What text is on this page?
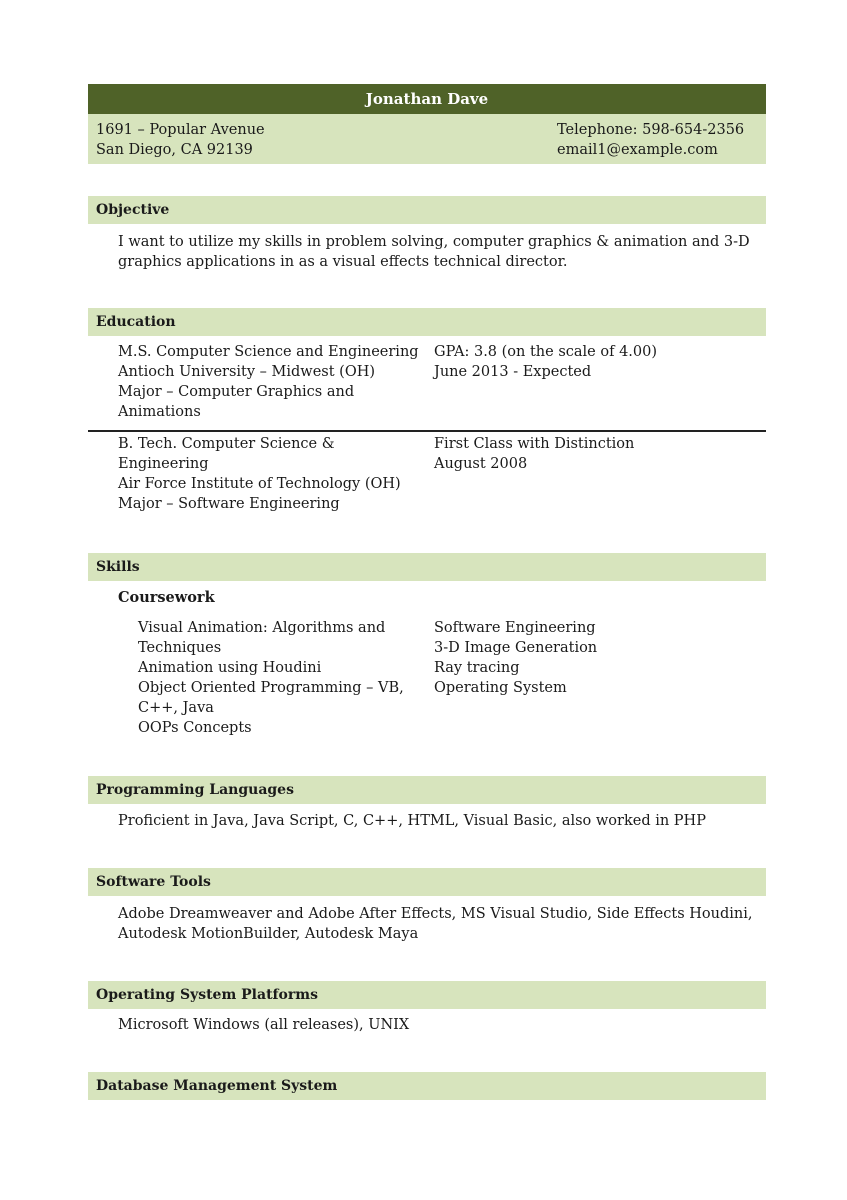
Jonathan Dave
1691 – Popular Avenue
San Diego, CA 92139
Telephone: 598-654-2356
email1@example.com
Objective
I want to utilize my skills in problem solving, computer graphics & animation and 3-D
graphics applications in as a visual effects technical director.
Education
M.S. Computer Science and Engineering
Antioch University – Midwest (OH)
Major – Computer Graphics and
Animations
GPA: 3.8 (on the scale of 4.00)
June 2013 - Expected
B. Tech. Computer Science &
Engineering
Air Force Institute of Technology (OH)
Major – Software Engineering
First Class with Distinction
August 2008
Skills
Coursework
Visual Animation: Algorithms and
Techniques
Animation using Houdini
Object Oriented Programming – VB,
C++, Java
OOPs Concepts
Software Engineering
3-D Image Generation
Ray tracing
Operating System
Programming Languages
Proficient in Java, Java Script, C, C++, HTML, Visual Basic, also worked in PHP
Software Tools
Adobe Dreamweaver and Adobe After Effects, MS Visual Studio, Side Effects Houdini,
Autodesk MotionBuilder, Autodesk Maya
Operating System Platforms
Microsoft Windows (all releases), UNIX
Database Management System
